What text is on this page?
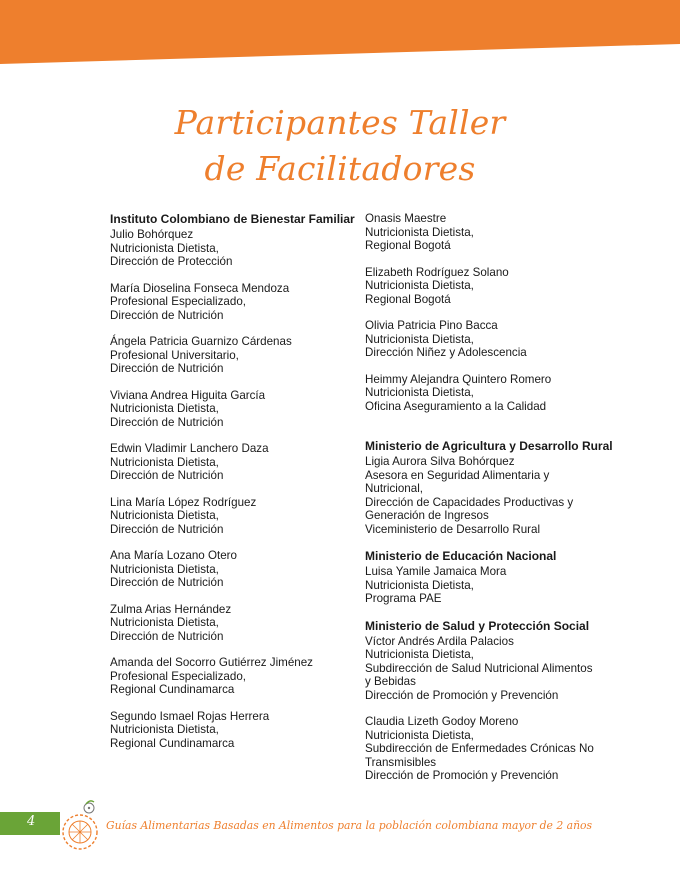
Participantes Taller
de Facilitadores
Instituto Colombiano de Bienestar Familiar
Julio Bohórquez
Nutricionista Dietista,
Dirección de Protección
María Dioselina Fonseca Mendoza
Profesional Especializado,
Dirección de Nutrición
Ángela Patricia Guarnizo Cárdenas
Profesional Universitario,
Dirección de Nutrición
Viviana Andrea Higuita García
Nutricionista Dietista,
Dirección de Nutrición
Edwin Vladimir Lanchero Daza
Nutricionista Dietista,
Dirección de Nutrición
Lina María López Rodríguez
Nutricionista Dietista,
Dirección de Nutrición
Ana María Lozano Otero
Nutricionista Dietista,
Dirección de Nutrición
Zulma Arias Hernández
Nutricionista Dietista,
Dirección de Nutrición
Amanda del Socorro Gutiérrez Jiménez
Profesional Especializado,
Regional Cundinamarca
Segundo Ismael Rojas Herrera
Nutricionista Dietista,
Regional Cundinamarca
Onasis Maestre
Nutricionista Dietista,
Regional Bogotá
Elizabeth Rodríguez Solano
Nutricionista Dietista,
Regional Bogotá
Olivia Patricia Pino Bacca
Nutricionista Dietista,
Dirección Niñez y Adolescencia
Heimmy Alejandra Quintero Romero
Nutricionista Dietista,
Oficina Aseguramiento a la Calidad
Ministerio de Agricultura y Desarrollo Rural
Ligia Aurora Silva Bohórquez
Asesora en Seguridad Alimentaria y
Nutricional,
Dirección de Capacidades Productivas y
Generación de Ingresos
Viceministerio de Desarrollo Rural
Ministerio de Educación Nacional
Luisa Yamile Jamaica Mora
Nutricionista Dietista,
Programa PAE
Ministerio de Salud y Protección Social
Víctor Andrés Ardila Palacios
Nutricionista Dietista,
Subdirección de Salud Nutricional Alimentos
y Bebidas
Dirección de Promoción y Prevención
Claudia Lizeth Godoy Moreno
Nutricionista Dietista,
Subdirección de Enfermedades Crónicas No
Transmisibles
Dirección de Promoción y Prevención
4	Guías Alimentarias Basadas en Alimentos para la población colombiana mayor de 2 años
